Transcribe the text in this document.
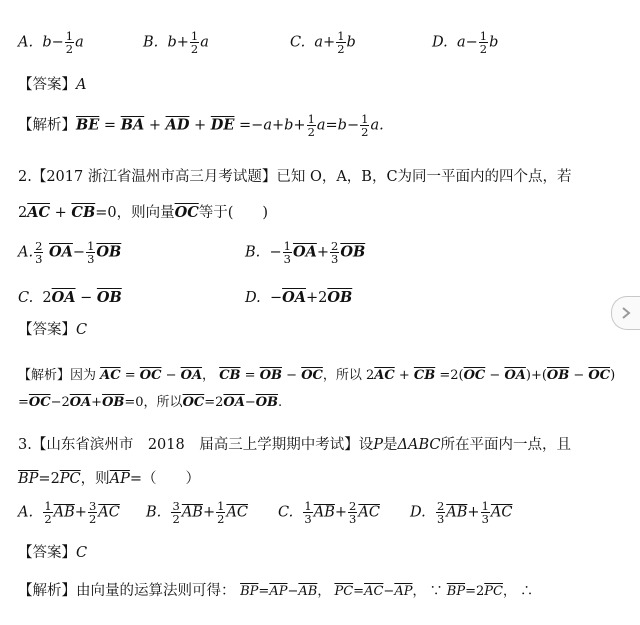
A. $b- \frac{1}{2}$ a	B. $b+ \frac{1}{2}$ a	C. $a+ \frac{1}{2}$ b	D. $a- \frac{1}{2}$ b
【答案】A
【解析】$\overline{BE} = \overline{BA} + \overline{AD} + \overline{DE} =-a+b+ \frac{1}{2} a=b- \frac{1}{2} a$.
2.【2017 浙江省温州市高三月考试题】已知 O，A，B，C为同一平面内的四个点，若
$2\overline{AC} + \overline{CB}=0$，则向量$\overline{OC}$等于(　　)
A. $\frac{2}{3} \overline{OA}- \frac{1}{3} \overline{OB}$	B. − $\frac{1}{3} \overline{OA}+ \frac{2}{3} \overline{OB}$
C. $2\overline{OA} - \overline{OB}$	D. $-\overline{OA}+2\overline{OB}$
【答案】C
【解析】因为 $\overline{AC} = \overline{OC} - \overline{OA}$， $\overline{CB} = \overline{OB} - \overline{OC}$，所以 $2\overline{AC} + \overline{CB} =2(\overline{OC} - \overline{OA})+(\overline{OB} - \overline{OC})$
$=\overline{OC}-2\overline{OA}+\overline{OB}=0$，所以$\overline{OC}=2\overline{OA}-\overline{OB}$.
3.【山东省滨州市　2018　届高三上学期期中考试】设P是ΔABC所在平面内一点，且
$\overline{BP}=2\overline{PC}$，则$\overline{AP}=$（　　）
A. $\frac{1}{2} \overline{AB}+ \frac{3}{2} \overline{AC}$ B. $\frac{3}{2} \overline{AB}+ \frac{1}{2} \overline{AC}$ C. $\frac{1}{3} \overline{AB}+ \frac{2}{3} \overline{AC}$ D. $\frac{2}{3} \overline{AB}+ \frac{1}{3} \overline{AC}$
【答案】C
【解析】由向量的运算法则可得： $\overline{BP}=\overline{AP}-\overline{AB}$， $\overline{PC}=\overline{AC}-\overline{AP}$， ∵ $\overline{BP}=2\overline{PC}$， ∴
